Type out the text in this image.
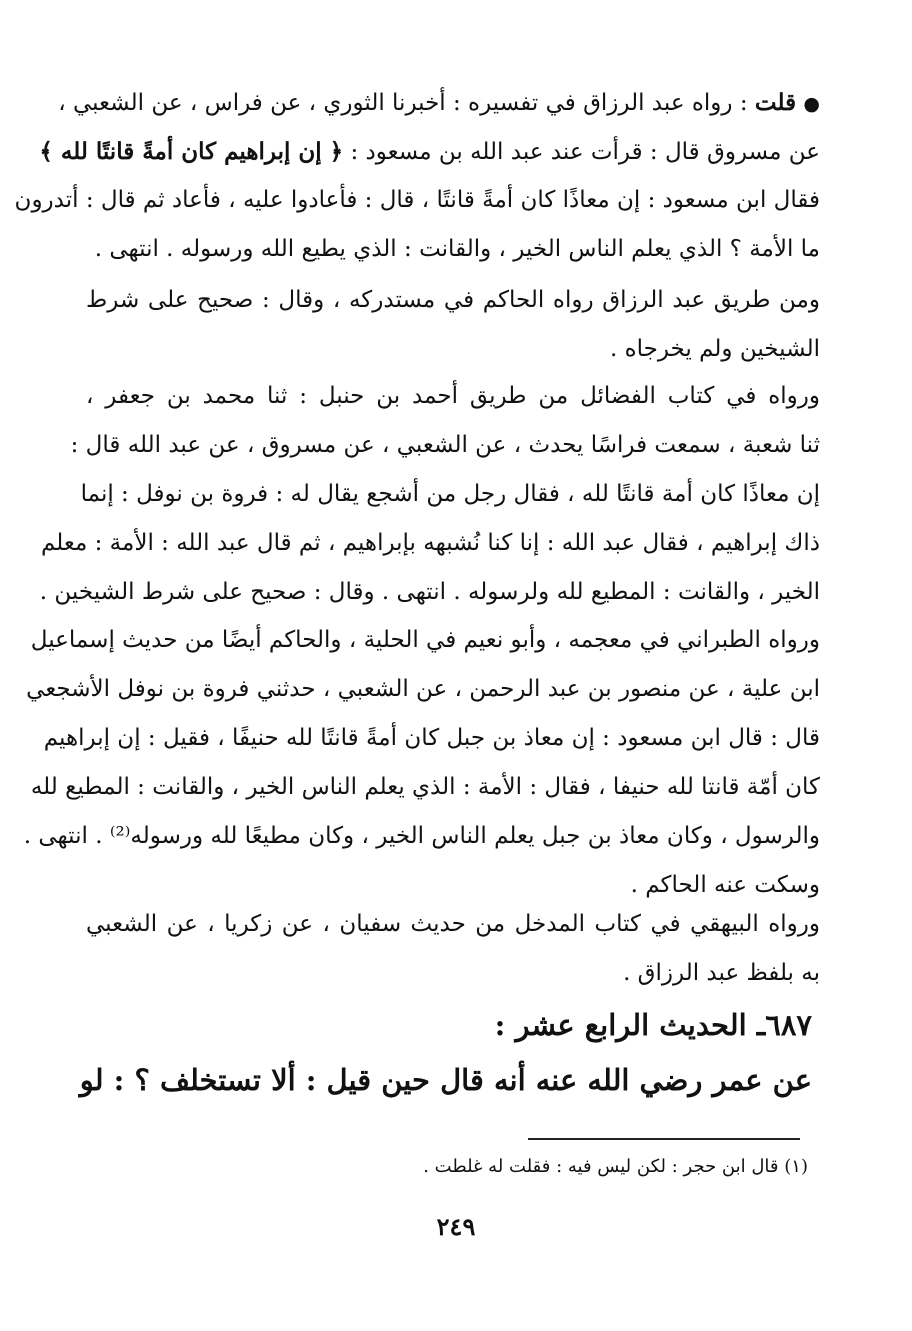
● قلت : رواه عبد الرزاق في تفسيره : أخبرنا الثوري ، عن فراس ، عن الشعبي ،
عن مسروق قال : قرأت عند عبد الله بن مسعود : ﴿ إن إبراهيم كان أمةً قانتًا لله ﴾
فقال ابن مسعود : إن معاذًا كان أمةً قانتًا ، قال : فأعادوا عليه ، فأعاد ثم قال : أتدرون
ما الأمة ؟ الذي يعلم الناس الخير ، والقانت : الذي يطيع الله ورسوله . انتهى .
ومن طريق عبد الرزاق رواه الحاكم في مستدركه ، وقال : صحيح على شرط
الشيخين ولم يخرجاه .
ورواه في كتاب الفضائل من طريق أحمد بن حنبل : ثنا محمد بن جعفر ،
ثنا شعبة ، سمعت فراسًا يحدث ، عن الشعبي ، عن مسروق ، عن عبد الله قال :
إن معاذًا كان أمة قانتًا لله ، فقال رجل من أشجع يقال له : فروة بن نوفل : إنما
ذاك إبراهيم ، فقال عبد الله : إنا كنا نُشبهه بإبراهيم ، ثم قال عبد الله : الأمة : معلم
الخير ، والقانت : المطيع لله ولرسوله . انتهى . وقال : صحيح على شرط الشيخين .
ورواه الطبراني في معجمه ، وأبو نعيم في الحلية ، والحاكم أيضًا من حديث إسماعيل
ابن علية ، عن منصور بن عبد الرحمن ، عن الشعبي ، حدثني فروة بن نوفل الأشجعي
قال : قال ابن مسعود : إن معاذ بن جبل كان أمةً قانتًا لله حنيفًا ، فقيل : إن إبراهيم
كان أمّة قانتا لله حنيفا ، فقال : الأمة : الذي يعلم الناس الخير ، والقانت : المطيع لله
والرسول ، وكان معاذ بن جبل يعلم الناس الخير ، وكان مطيعًا لله ورسوله⁽²⁾ . انتهى .
وسكت عنه الحاكم .
ورواه البيهقي في كتاب المدخل من حديث سفيان ، عن زكريا ، عن الشعبي
به بلفظ عبد الرزاق .
٦٨٧ـ الحديث الرابع عشر :
عن عمر رضي الله عنه أنه قال حين قيل : ألا تستخلف ؟ : لو
(١) قال ابن حجر : لكن ليس فيه : فقلت له غلطت .
٢٤٩
